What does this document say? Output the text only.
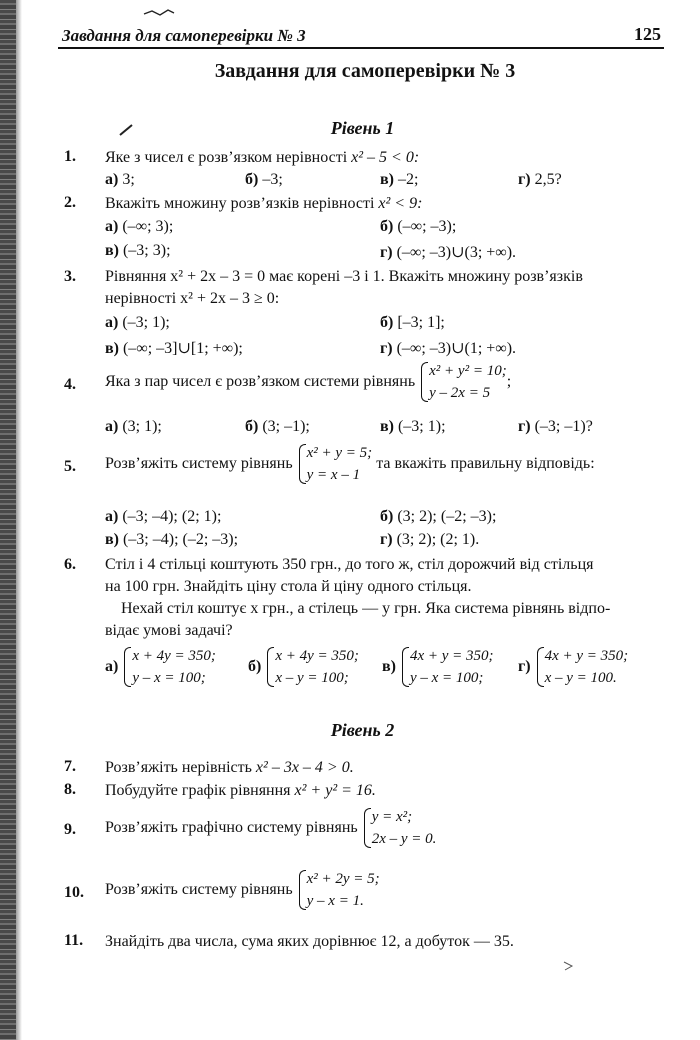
Завдання для самоперевірки № 3	125
Завдання для самоперевірки № 3
Рівень 1
1. Яке з чисел є розв’язком нерівності x² – 5 < 0:
а) 3;	б) –3;	в) –2;	г) 2,5?
2. Вкажіть множину розв’язків нерівності x² < 9:
а) (–∞; 3);	б) (–∞; –3);
в) (–3; 3);	г) (–∞; –3)∪(3; +∞).
3. Рівняння x² + 2x – 3 = 0 має корені –3 і 1. Вкажіть множину розв’язків
нерівності x² + 2x – 3 ≥ 0:
а) (–3; 1);	б) [–3; 1];
в) (–∞; –3]∪[1; +∞);	г) (–∞; –3)∪(1; +∞).
4. Яка з пар чисел є розв’язком системи рівнянь
x² + y² = 10;
y – 2x = 5
;
а) (3; 1);	б) (3; –1);	в) (–3; 1);	г) (–3; –1)?
5. Розв’яжіть систему рівнянь
x² + y = 5;
y = x – 1
та вкажіть правильну відповідь:
а) (–3; –4); (2; 1);	б) (3; 2); (–2; –3);
в) (–3; –4); (–2; –3);	г) (3; 2); (2; 1).
6. Стіл і 4 стільці коштують 350 грн., до того ж, стіл дорожчий від стільця
на 100 грн. Знайдіть ціну стола й ціну одного стільця.
Нехай стіл коштує x грн., а стілець — y грн. Яка система рівнянь відпо-
відає умові задачі?
а)
x + 4y = 350;
y – x = 100;
б)
x + 4y = 350;
x – y = 100;
в)
4x + y = 350;
y – x = 100;
г)
4x + y = 350;
x – y = 100.
Рівень 2
7. Розв’яжіть нерівність x² – 3x – 4 > 0.
8. Побудуйте графік рівняння x² + y² = 16.
9. Розв’яжіть графічно систему рівнянь
y = x²;
2x – y = 0.
10. Розв’яжіть систему рівнянь
x² + 2y = 5;
y – x = 1.
11. Знайдіть два числа, сума яких дорівнює 12, а добуток — 35.
